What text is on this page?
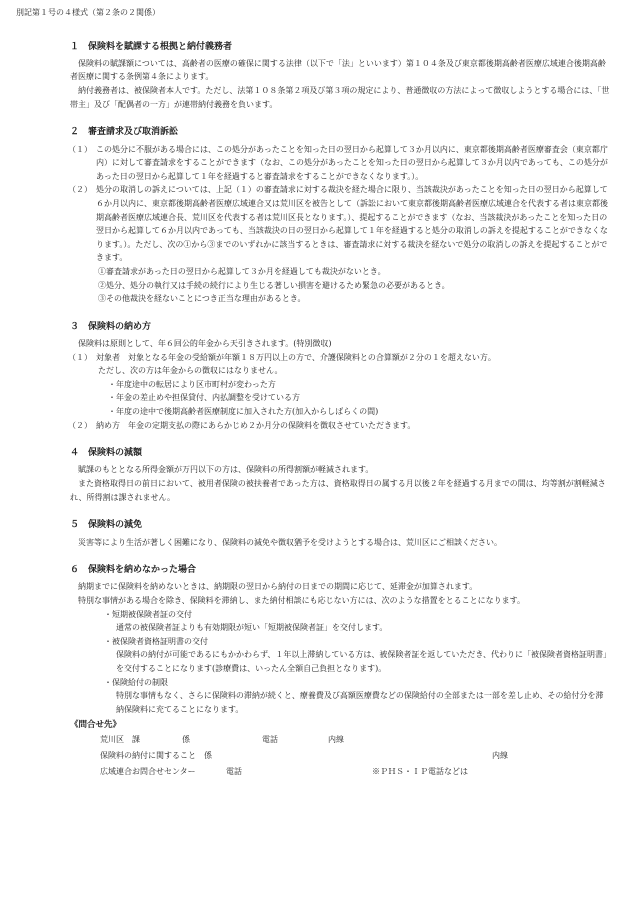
別記第１号の４様式（第２条の２関係）
１　保険料を賦課する根拠と納付義務者
保険料の賦課額については、高齢者の医療の確保に関する法律（以下で「法」といいます）第１０４条及び東京都後期高齢者医療広域連合後期高齢者医療に関する条例第４条によります。
納付義務者は、被保険者本人です。ただし、法第１０８条第２項及び第３項の規定により、普通徴収の方法によって徴収しようとする場合には、「世帯主」及び「配偶者の一方」が連帯納付義務を負います。
２　審査請求及び取消訴訟
（１） この処分に不服がある場合には、この処分があったことを知った日の翌日から起算して３か月以内に、東京都後期高齢者医療審査会（東京都庁内）に対して審査請求をすることができます（なお、この処分があったことを知った日の翌日から起算して３か月以内であっても、この処分があった日の翌日から起算して１年を経過すると審査請求をすることができなくなります。）。
（２） 処分の取消しの訴えについては、上記（１）の審査請求に対する裁決を経た場合に限り、当該裁決があったことを知った日の翌日から起算して６か月以内に、東京都後期高齢者医療広域連合又は荒川区を被告として（訴訟において東京都後期高齢者医療広域連合を代表する者は東京都後期高齢者医療広域連合長、荒川区を代表する者は荒川区長となります。）、提起することができます（なお、当該裁決があったことを知った日の翌日から起算して６か月以内であっても、当該裁決の日の翌日から起算して１年を経過すると処分の取消しの訴えを提起することができなくなります。）。ただし、次の①から③までのいずれかに該当するときは、審査請求に対する裁決を経ないで処分の取消しの訴えを提起することができます。
①審査請求があった日の翌日から起算して３か月を経過しても裁決がないとき。
②処分、処分の執行又は手続の続行により生じる著しい損害を避けるため緊急の必要があるとき。
③その他裁決を経ないことにつき正当な理由があるとき。
３　保険料の納め方
保険料は原則として、年６回公的年金から天引きされます。(特別徴収)
（１） 対象者　対象となる年金の受給額が年額１８万円以上の方で、介護保険料との合算額が２分の１を超えない方。
ただし、次の方は年金からの徴収にはなりません。
・年度途中の転居により区市町村が変わった方
・年金の差止めや担保貸付、内払調整を受けている方
・年度の途中で後期高齢者医療制度に加入された方(加入からしばらくの間)
（２） 納め方　年金の定期支払の際にあらかじめ２か月分の保険料を徴収させていただきます。
４　保険料の減額
賦課のもととなる所得金額が万円以下の方は、保険料の所得割額が軽減されます。
また資格取得日の前日において、被用者保険の被扶養者であった方は、資格取得日の属する月以後２年を経過する月までの間は、均等割が割軽減され、所得割は課されません。
５　保険料の減免
災害等により生活が著しく困難になり、保険料の減免や徴収猶予を受けようとする場合は、荒川区にご相談ください。
６　保険料を納めなかった場合
納期までに保険料を納めないときは、納期限の翌日から納付の日までの期間に応じて、延滞金が加算されます。
特別な事情がある場合を除き、保険料を滞納し、また納付相談にも応じない方には、次のような措置をとることになります。
・短期被保険者証の交付
通常の被保険者証よりも有効期限が短い「短期被保険者証」を交付します。
・被保険者資格証明書の交付
保険料の納付が可能であるにもかかわらず、１年以上滞納している方は、被保険者証を返していただき、代わりに「被保険者資格証明書」を交付することになります(診療費は、いったん全額自己負担となります)。
・保険給付の制限
特別な事情もなく、さらに保険料の滞納が続くと、療養費及び高額医療費などの保険給付の全部または一部を差し止め、その給付分を滞納保険料に充てることになります。
《問合せ先》
荒川区　課	係	電話	内線
保険料の納付に関すること　係	内線
広域連合お問合せセンター	電話	※ＰＨＳ・ＩＰ電話などは
